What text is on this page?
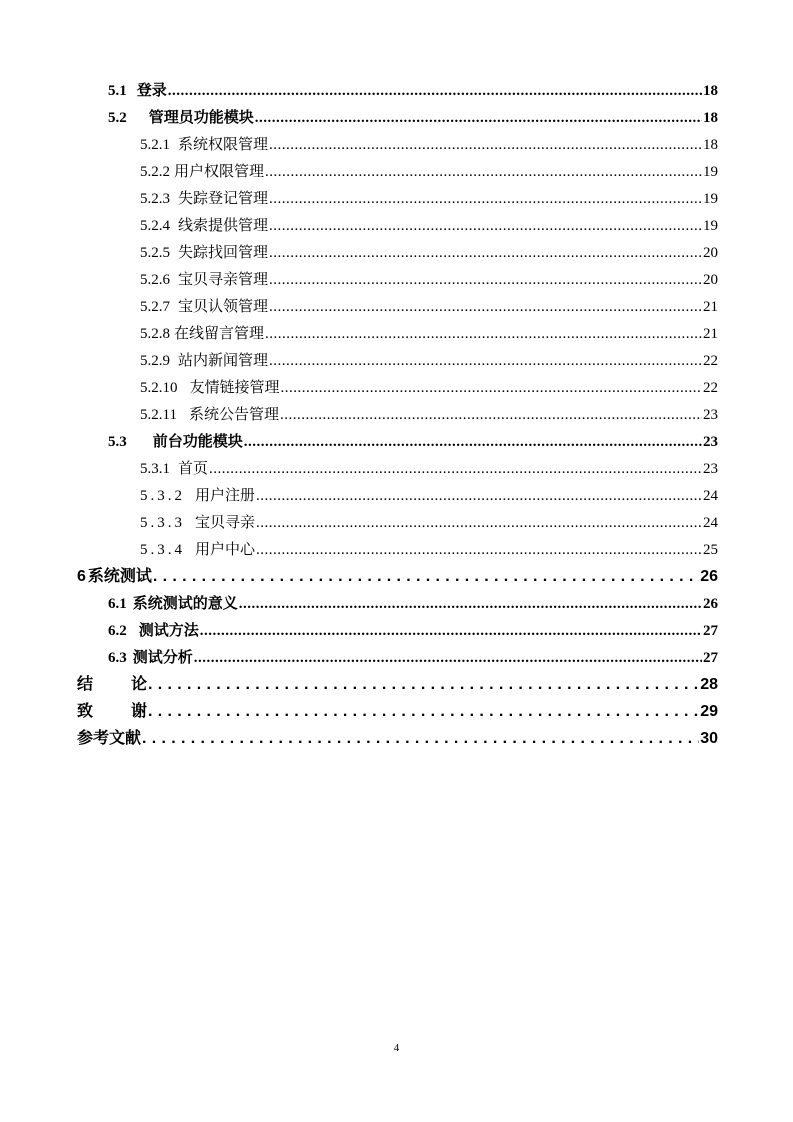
5.1 登录 .....	18
5.2 管理员功能模块 .....	18
5.2.1 系统权限管理 .....	18
5.2.2 用户权限管理 .....	19
5.2.3 失踪登记管理 .....	19
5.2.4 线索提供管理 .....	19
5.2.5 失踪找回管理 .....	20
5.2.6 宝贝寻亲管理 .....	20
5.2.7 宝贝认领管理 .....	21
5.2.8 在线留言管理 .....	21
5.2.9 站内新闻管理 .....	22
5.2.10 友情链接管理 .....	22
5.2.11 系统公告管理 .....	23
5.3 前台功能模块 .....	23
5.3.1 首页 .....	23
5.3.2 用户注册 .....	24
5.3.3 宝贝寻亲 .....	24
5.3.4 用户中心 .....	25
6 系统测试 .....	26
6.1 系统测试的意义 .....	26
6.2 测试方法 .....	27
6.3 测试分析 .....	27
结 论 .....	28
致 谢 .....	29
参考文献 .....	30
4
